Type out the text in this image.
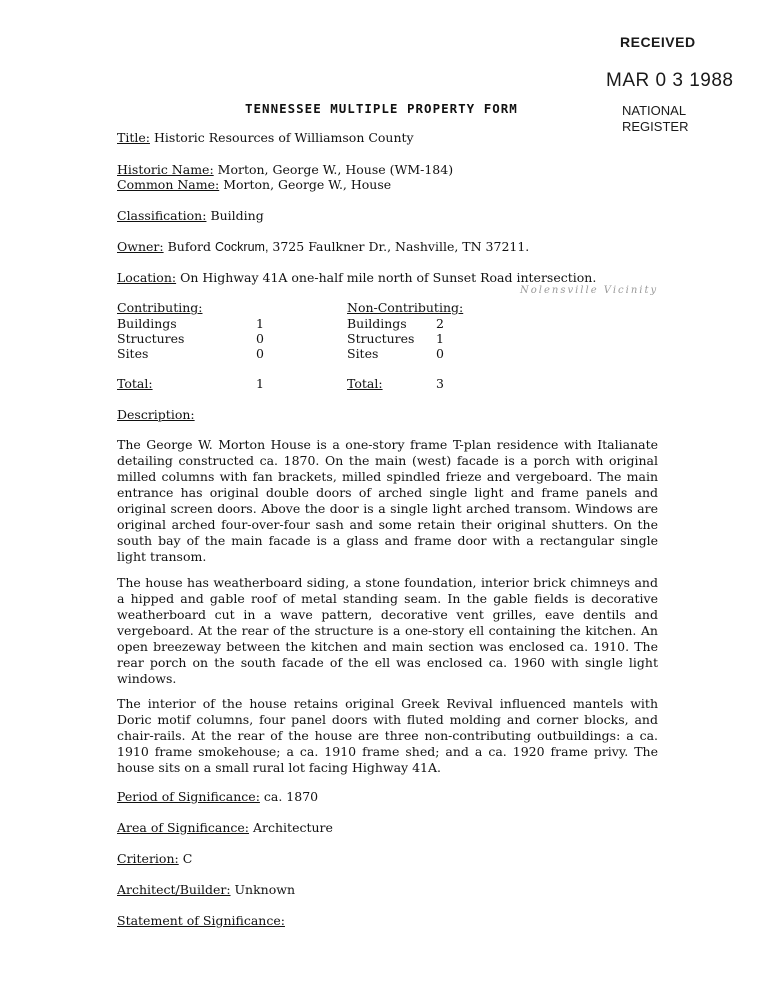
RECEIVED
MAR 0 3 1988
NATIONAL
REGISTER
TENNESSEE MULTIPLE PROPERTY FORM
Title: Historic Resources of Williamson County
Historic Name: Morton, George W., House (WM-184)
Common Name: Morton, George W., House
Classification: Building
Owner: Buford Cockrum, 3725 Faulkner Dr., Nashville, TN 37211.
Location: On Highway 41A one-half mile north of Sunset Road intersection.
Nolensville Vicinity
Contributing:
Buildings	1
Structures	0
Sites	0
Total:	1
Non-Contributing:
Buildings 2
Structures 1
Sites	0
Total:	3
Description:
The George W. Morton House is a one-story frame T-plan residence with Italianate detailing constructed ca. 1870. On the main (west) facade is a porch with original milled columns with fan brackets, milled spindled frieze and vergeboard. The main entrance has original double doors of arched single light and frame panels and original screen doors. Above the door is a single light arched transom. Windows are original arched four-over-four sash and some retain their original shutters. On the south bay of the main facade is a glass and frame door with a rectangular single light transom.
The house has weatherboard siding, a stone foundation, interior brick chimneys and a hipped and gable roof of metal standing seam. In the gable fields is decorative weatherboard cut in a wave pattern, decorative vent grilles, eave dentils and vergeboard. At the rear of the structure is a one-story ell containing the kitchen. An open breezeway between the kitchen and main section was enclosed ca. 1910. The rear porch on the south facade of the ell was enclosed ca. 1960 with single light windows.
The interior of the house retains original Greek Revival influenced mantels with Doric motif columns, four panel doors with fluted molding and corner blocks, and chair-rails. At the rear of the house are three non-contributing outbuildings: a ca. 1910 frame smokehouse; a ca. 1910 frame shed; and a ca. 1920 frame privy. The house sits on a small rural lot facing Highway 41A.
Period of Significance: ca. 1870
Area of Significance: Architecture
Criterion: C
Architect/Builder: Unknown
Statement of Significance:
